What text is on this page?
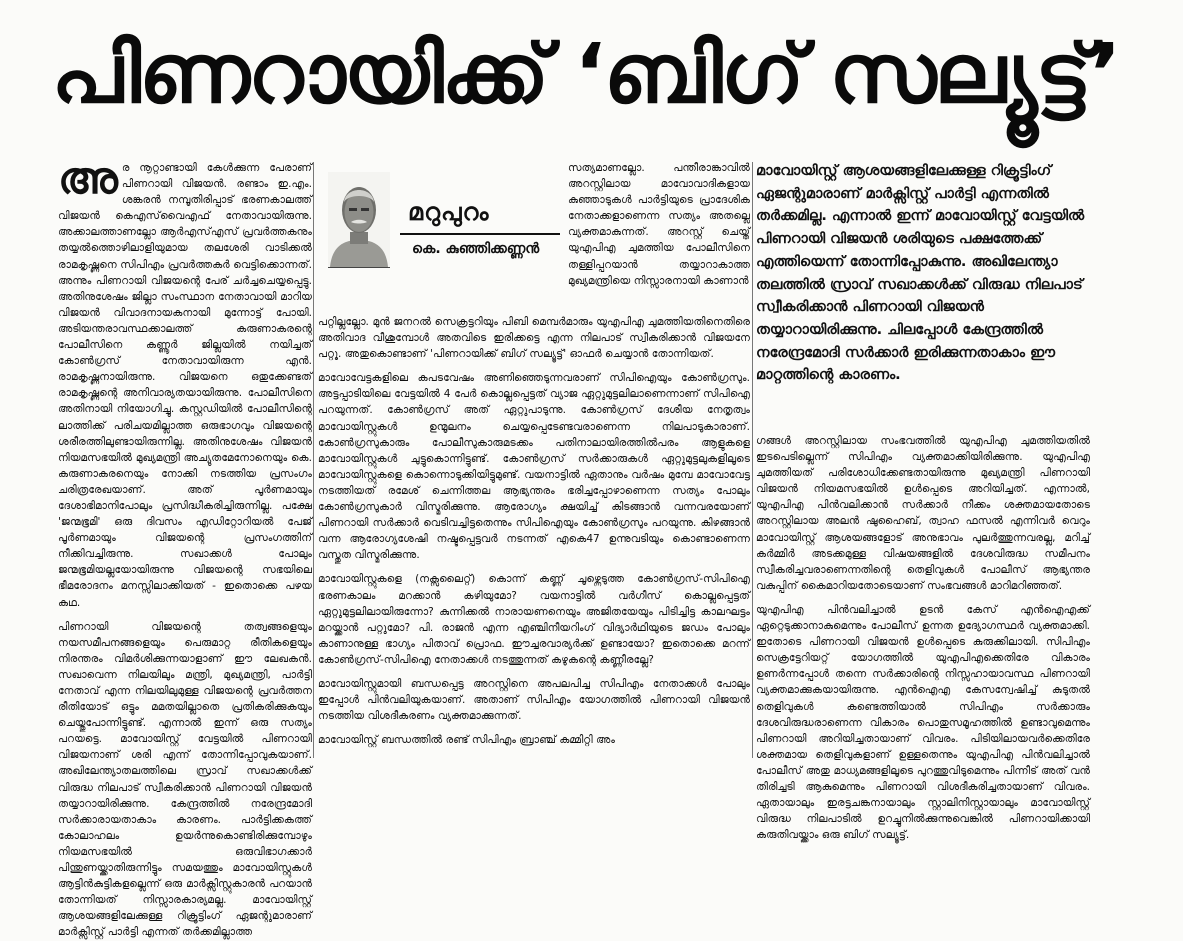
പിണറായിക്ക് ‘ബിഗ് സല്യൂട്ട്’

അ ര നൂറ്റാണ്ടായി കേൾക്കുന്ന പേരാണ് പിണറായി വിജയൻ. രണ്ടാം ഇ.എം. ശങ്കരൻ നമ്പൂതിരിപ്പാട് ഭരണകാലത്ത് വിജയൻ കെഎസ്‌വൈഎഫ് നേതാവായിരുന്നു. അക്കാലത്താണല്ലോ ആർഎസ്എസ് പ്രവർത്തകനും തയ്യൽത്തൊഴിലാളിയുമായ തലശേരി വാടിക്കൽ രാമകൃഷ്ണനെ സിപിഎം പ്രവർത്തകർ വെട്ടിക്കൊന്നത്. അന്നും പിണറായി വിജയന്റെ പേര് ചർച്ചചെയ്യപ്പെട്ടു. അതിനുശേഷം ജില്ലാ സംസ്ഥാന നേതാവായി മാറിയ വിജയൻ വിവാദനായകനായി മുന്നോട്ട് പോയി. അടിയന്തരാവസ്ഥക്കാലത്ത് കരുണാകരന്റെ പോലീസിനെ കണ്ണൂർ ജില്ലയിൽ നയിച്ചത് കോൺഗ്രസ് നേതാവായിരുന്ന എൻ. രാമകൃഷ്ണനായിരുന്നു. വിജയനെ ഒതുക്കേണ്ടത് രാമകൃഷ്ണന്റെ അനിവാര്യതയായിരുന്നു. പോലീസിനെ അതിനായി നിയോഗിച്ചു. കസ്റ്റഡിയിൽ പോലീസിന്റെ ലാത്തിക്ക് പരിചയമില്ലാത്ത ഒരുഭാഗവും വിജയന്റെ ശരീരത്തിലുണ്ടായിരുന്നില്ല. അതിനുശേഷം വിജയൻ നിയമസഭയിൽ മുഖ്യമന്ത്രി അച്യുതമേനോനെയും കെ. കരുണാകരനെയും നോക്കി നടത്തിയ പ്രസംഗം ചരിത്രരേഖയാണ്. അത് പൂർണമായും ദേശാഭിമാനിപോലും പ്രസിദ്ധീകരിച്ചിരുന്നില്ല. പക്ഷേ 'ജന്മഭൂമി' ഒരു ദിവസം എഡിറ്റോറിയൽ പേജ് പൂർണമായും വിജയന്റെ പ്രസംഗത്തിന് നീക്കിവച്ചിരുന്നു. സഖാക്കൾ പോലും ജന്മഭൂമിയല്ലയോയിരുന്നു വിജയന്റെ സഭയിലെ ഭീമരോദനം മനസ്സിലാക്കിയത് - ഇതൊക്കെ പഴയ കഥ.

പിണറായി വിജയന്റെ തത്വങ്ങളെയും നയസമീപനങ്ങളെയും പെരുമാറ്റ രീതികളെയും നിരന്തരം വിമർശിക്കുന്നയാളാണ് ഈ ലേഖകൻ. സഖാവെന്ന നിലയിലും മന്ത്രി, മുഖ്യമന്ത്രി, പാർട്ടി നേതാവ് എന്ന നിലയിലുമുള്ള വിജയന്റെ പ്രവർത്തന രീതിയോട് ഒട്ടും മമതയില്ലാതെ പ്രതികരിക്കുകയും ചെയ്തുപോന്നിട്ടുണ്ട്. എന്നാൽ ഇന്ന് ഒരു സത്യം പറയട്ടെ. മാവോയിസ്റ്റ് വേട്ടയിൽ പിണറായി വിജയനാണ് ശരി എന്ന് തോന്നിപ്പോവുകയാണ്. അഖിലേന്ത്യാതലത്തിലെ സ്രാവ് സഖാക്കൾക്ക് വിരുദ്ധ നിലപാട് സ്വീകരിക്കാൻ പിണറായി വിജയൻ തയ്യാറായിരിക്കുന്നു. കേന്ദ്രത്തിൽ നരേന്ദ്രമോദി സർക്കാരായതാകാം കാരണം. പാർട്ടിക്കകത്ത് കോലാഹലം ഉയർന്നുകൊണ്ടിരിക്കുമ്പോഴും നിയമസഭയിൽ ഒരുവിഭാഗക്കാർ പിന്തുണയ്ക്കാതിരുന്നിട്ടും സമയത്തും മാവോയിസ്റ്റുകൾ ആട്ടിൻകുട്ടികളല്ലെന്ന് ഒരു മാർക്സിസ്റ്റുകാരൻ പറയാൻ തോന്നിയത് നിസ്സാരകാര്യമല്ല. മാവോയിസ്റ്റ് ആശയങ്ങളിലേക്കുള്ള റിക്രൂട്ടിംഗ് ഏജന്റുമാരാണ് മാർക്സിസ്റ്റ് പാർട്ടി എന്നത് തർക്കമില്ലാത്ത

മറുപുറം
കെ. കുഞ്ഞിക്കണ്ണൻ

സത്യമാണല്ലോ. പന്തീരാങ്കാവിൽ അറസ്റ്റിലായ മാവോവാദികളായ കുഞ്ഞാടുകൾ പാർട്ടിയുടെ പ്രാദേശിക നേതാക്കളാണെന്ന സത്യം അതല്ലെ വ്യക്തമാകുന്നത്. അറസ്റ്റ് ചെയ്ത് യുഎപിഎ ചുമത്തിയ പോലീസിനെ തള്ളിപ്പറയാൻ തയ്യാറാകാത്ത മുഖ്യമന്ത്രിയെ നിസ്സാരനായി കാണാൻ

പറ്റില്ലല്ലോ. മുൻ ജനറൽ സെക്രട്ടറിയും പിബി മെമ്പർമാരും യുഎപിഎ ചുമത്തിയതിനെതിരെ അതിവാദ വീശുമ്പോൾ അതവിടെ ഇരിക്കട്ടെ എന്ന നിലപാട് സ്വീകരിക്കാൻ വിജയനേ പറ്റൂ. അതുകൊണ്ടാണ് 'പിണറായിക്ക് ബിഗ് സല്യൂട്ട്' ഓഫർ ചെയ്യാൻ തോന്നിയത്.

മാവോവേട്ടകളിലെ കപടവേഷം അണിഞ്ഞെടുന്നവരാണ് സിപിഐയും കോൺഗ്രസും. അട്ടപ്പാടിയിലെ വേട്ടയിൽ 4 പേർ കൊല്ലപ്പെട്ടത് വ്യാജ ഏറ്റുമുട്ടലിലാണെന്നാണ് സിപിഐ പറയുന്നത്. കോൺഗ്രസ് അത് ഏറ്റുപാടുന്നു. കോൺഗ്രസ് ദേശീയ നേതൃത്വം മാവോയിസ്റ്റുകൾ ഉന്മൂലനം ചെയ്യപ്പെടേണ്ടവരാണെന്ന നിലപാടുകാരാണ്. കോൺഗ്രസുകാരും പോലീസുകാരുമടക്കം പതിനാലായിരത്തിൽപരം ആളുകളെ മാവോയിസ്റ്റുകൾ ചുട്ടുകൊന്നിട്ടുണ്ട്. കോൺഗ്രസ് സർക്കാരുകൾ ഏറ്റുമുട്ടലുകളിലൂടെ മാവോയിസ്റ്റുകളെ കൊന്നൊടുക്കിയിട്ടുമുണ്ട്. വയനാട്ടിൽ ഏതാനും വർഷം മുമ്പേ മാവോവേട്ട നടത്തിയത് രമേശ് ചെന്നിത്തല ആഭ്യന്തരം ഭരിച്ചപ്പോഴാണെന്ന സത്യം പോലും കോൺഗ്രസുകാർ വിസ്മരിക്കുന്നു. ആരോഗ്യം ക്ഷയിച്ച് കിടങ്ങാൻ വന്നവരയോണ് പിണറായി സർക്കാർ വെടിവച്ചിട്ടതെന്നും സിപിഐയും കോൺഗ്രസും പറയുന്നു. കിഴങ്ങാൻ വന്ന ആരോഗ്യശേഷി നഷ്ടപ്പെട്ടവർ നടന്നത് എകെ47 ഉന്നുവടിയും കൊണ്ടാണെന്ന വസ്തുത വിസ്മരിക്കുന്നു.

മാവോയിസ്റ്റുകളെ (നക്സലൈറ്റ്) കൊന്ന് കണ്ണ് ചൂഴ്ന്നെടുത്ത കോൺഗ്രസ്-സിപിഐ ഭരണകാലം മറക്കാൻ കഴിയുമോ? വയനാട്ടിൽ വർഗീസ് കൊല്ലപ്പെട്ടത് ഏറ്റുമുട്ടലിലായിരുന്നോ? കുന്നിക്കൽ നാരായണനെയും അജിതയേയും പിടിച്ചിട്ട കാലഘട്ടം മറയ്ക്കാൻ പറ്റുമോ? പി. രാജൻ എന്ന എഞ്ചിനീയറിംഗ് വിദ്യാർഥിയുടെ ജഡം പോലും കാണാനുള്ള ഭാഗ്യം പിതാവ് പ്രൊഫ. ഈച്ചരവാര്യർക്ക് ഉണ്ടായോ? ഇതൊക്കെ മറന്ന് കോൺഗ്രസ്-സിപിഐ നേതാക്കൾ നടത്തുന്നത് കഴുകന്റെ കണ്ണീരല്ലേ?

മാവോയിസ്റ്റുമായി ബന്ധപ്പെട്ട അറസ്റ്റിനെ അപലപിച്ച സിപിഎം നേതാക്കൾ പോലും ഇപ്പോൾ പിൻവലിയുകയാണ്. അതാണ് സിപിഎം യോഗത്തിൽ പിണറായി വിജയൻ നടത്തിയ വിശദീകരണം വ്യക്തമാക്കുന്നത്.

മാവോയിസ്റ്റ് ബന്ധത്തിൽ രണ്ട് സിപിഎം ബ്രാഞ്ച് കമ്മിറ്റി അം

മാവോയിസ്റ്റ് ആശയങ്ങളിലേക്കുള്ള റിക്രൂട്ടിംഗ് ഏജന്റുമാരാണ് മാർക്സിസ്റ്റ് പാർട്ടി എന്നതിൽ തർക്കമില്ല. എന്നാൽ ഇന്ന് മാവോയിസ്റ്റ് വേട്ടയിൽ പിണറായി വിജയൻ ശരിയുടെ പക്ഷത്തേക്ക് എത്തിയെന്ന് തോന്നിപ്പോകുന്നു. അഖിലേന്ത്യാ തലത്തിൽ സ്രാവ് സഖാക്കൾക്ക് വിരുദ്ധ നിലപാട് സ്വീകരിക്കാൻ പിണറായി വിജയൻ തയ്യാറായിരിക്കുന്നു. ചിലപ്പോൾ കേന്ദ്രത്തിൽ നരേന്ദ്രമോദി സർക്കാർ ഇരിക്കുന്നതാകാം ഈ മാറ്റത്തിന്റെ കാരണം.

ഗങ്ങൾ അറസ്റ്റിലായ സംഭവത്തിൽ യുഎപിഎ ചുമത്തിയതിൽ ഇടപെടില്ലെന്ന് സിപിഎം വ്യക്തമാക്കിയിരിക്കുന്നു. യുഎപിഎ ചുമത്തിയത് പരിശോധിക്കേണ്ടതായിരുന്നു മുഖ്യമന്ത്രി പിണറായി വിജയൻ നിയമസഭയിൽ ഉൾപ്പെടെ അറിയിച്ചത്. എന്നാൽ, യുഎപിഎ പിൻവലിക്കാൻ സർക്കാർ നീക്കം ശക്തമായതോടെ അറസ്റ്റിലായ അലൻ ഷുഹൈബ്, ത്വാഹ ഫസൽ എന്നിവർ വെറും മാവോയിസ്റ്റ് ആശയങ്ങളോട് അനുഭാവം പുലർത്തുന്നവരല്ല, മറിച്ച് കർമ്മിർ അടക്കമുള്ള വിഷയങ്ങളിൽ ദേശവിരുദ്ധ സമീപനം സ്വീകരിച്ചവരാണെന്നതിന്റെ തെളിവുകൾ പോലീസ് ആഭ്യന്തര വകുപ്പിന് കൈമാറിയതോടെയാണ് സംഭവങ്ങൾ മാറിമറിഞ്ഞത്.

യുഎപിഎ പിൻവലിച്ചാൽ ഉടൻ കേസ് എൻഐഎക്ക് ഏറ്റെടുക്കാനാകുമെന്നും പോലീസ് ഉന്നത ഉദ്യോഗസ്ഥർ വ്യക്തമാക്കി. ഇതോടെ പിണറായി വിജയൻ ഉൾപ്പെടെ കുരുക്കിലായി. സിപിഎം സെക്രട്ടേറിയറ്റ് യോഗത്തിൽ യുഎപിഎക്കെതിരേ വികാരം ഉണർന്നപ്പോൾ തന്നെ സർക്കാരിന്റെ നിസ്സഹായാവസ്ഥ പിണറായി വ്യക്തമാക്കുകയായിരുന്നു. എൻഐഎ കേസന്വേഷിച്ച് കുടുതൽ തെളിവുകൾ കണ്ടെത്തിയാൽ സിപിഎം സർക്കാരും ദേശവിരുദ്ധരാണെന്ന വികാരം പൊതുസമൂഹത്തിൽ ഉണ്ടാവുമെന്നും പിണറായി അറിയിച്ചതായാണ് വിവരം. പിടിയിലായവർക്കെതിരേ ശക്തമായ തെളിവുകളാണ് ഉള്ളതെന്നും യുഎപിഎ പിൻവലിച്ചാൽ പോലീസ് അതു മാധ്യമങ്ങളിലൂടെ പുറത്തുവിടുമെന്നും പിന്നീട് അത് വൻ തിരിച്ചടി ആകുമെന്നും പിണറായി വിശദീകരിച്ചതായാണ് വിവരം. ഏതായാലും ഇരട്ടചങ്കനായാലും സ്റ്റാലിനിസ്റ്റായാലും മാവോയിസ്റ്റ് വിരുദ്ധ നിലപാടിൽ ഉറച്ചുനിൽക്കുന്നുവെങ്കിൽ പിണറായിക്കായി കരുതിവയ്ക്കാം ഒരു ബിഗ് സല്യൂട്ട്.
